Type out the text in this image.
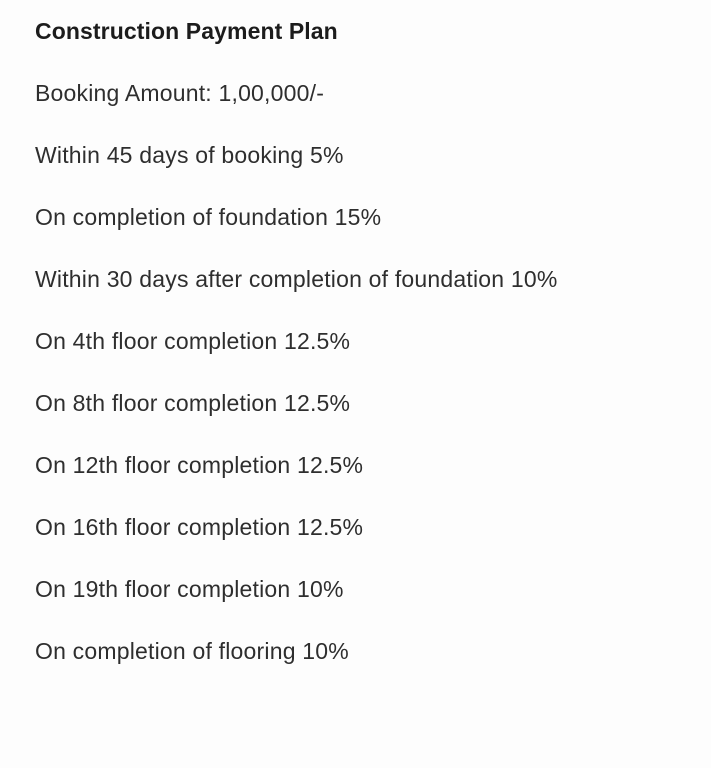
Construction Payment Plan
Booking Amount: 1,00,000/-
Within 45 days of booking 5%
On completion of foundation 15%
Within 30 days after completion of foundation 10%
On 4th floor completion 12.5%
On 8th floor completion 12.5%
On 12th floor completion 12.5%
On 16th floor completion 12.5%
On 19th floor completion 10%
On completion of flooring 10%
